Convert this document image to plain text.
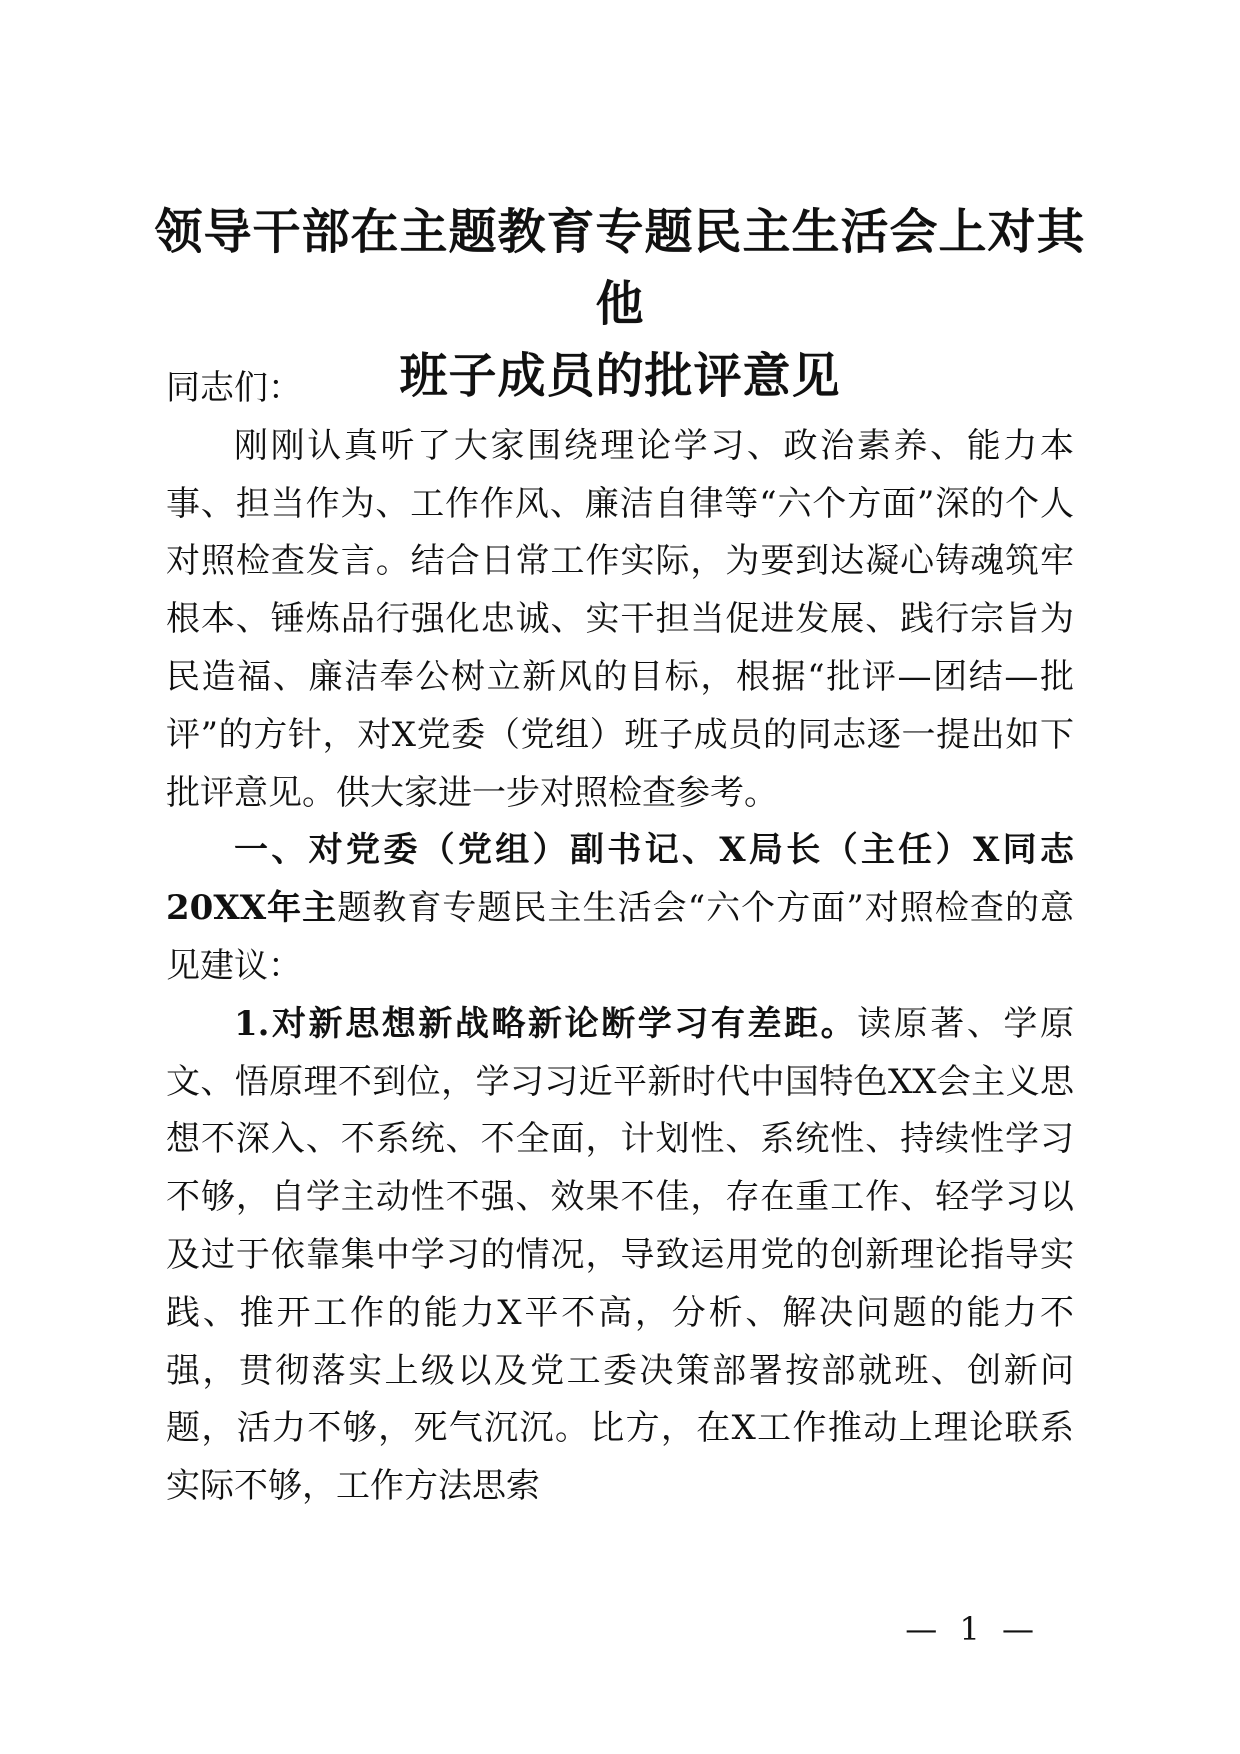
领导干部在主题教育专题民主生活会上对其他
班子成员的批评意见

同志们：

刚刚认真听了大家围绕理论学习、政治素养、能力本事、担当作为、工作作风、廉洁自律等“六个方面”深的个人对照检查发言。结合日常工作实际，为要到达凝心铸魂筑牢根本、锤炼品行强化忠诚、实干担当促进发展、践行宗旨为民造福、廉洁奉公树立新风的目标，根据“批评—团结—批评”的方针，对X党委（党组）班子成员的同志逐一提出如下批评意见。供大家进一步对照检查参考。

一、对党委（党组）副书记、X局长（主任）X同志20XX年主题教育专题民主生活会“六个方面”对照检查的意见建议：

1.对新思想新战略新论断学习有差距。读原著、学原文、悟原理不到位，学习习近平新时代中国特色XX会主义思想不深入、不系统、不全面，计划性、系统性、持续性学习不够，自学主动性不强、效果不佳，存在重工作、轻学习以及过于依靠集中学习的情况，导致运用党的创新理论指导实践、推开工作的能力X平不高，分析、解决问题的能力不强，贯彻落实上级以及党工委决策部署按部就班、创新问题，活力不够，死气沉沉。比方，在X工作推动上理论联系实际不够，工作方法思索

— 1 —
